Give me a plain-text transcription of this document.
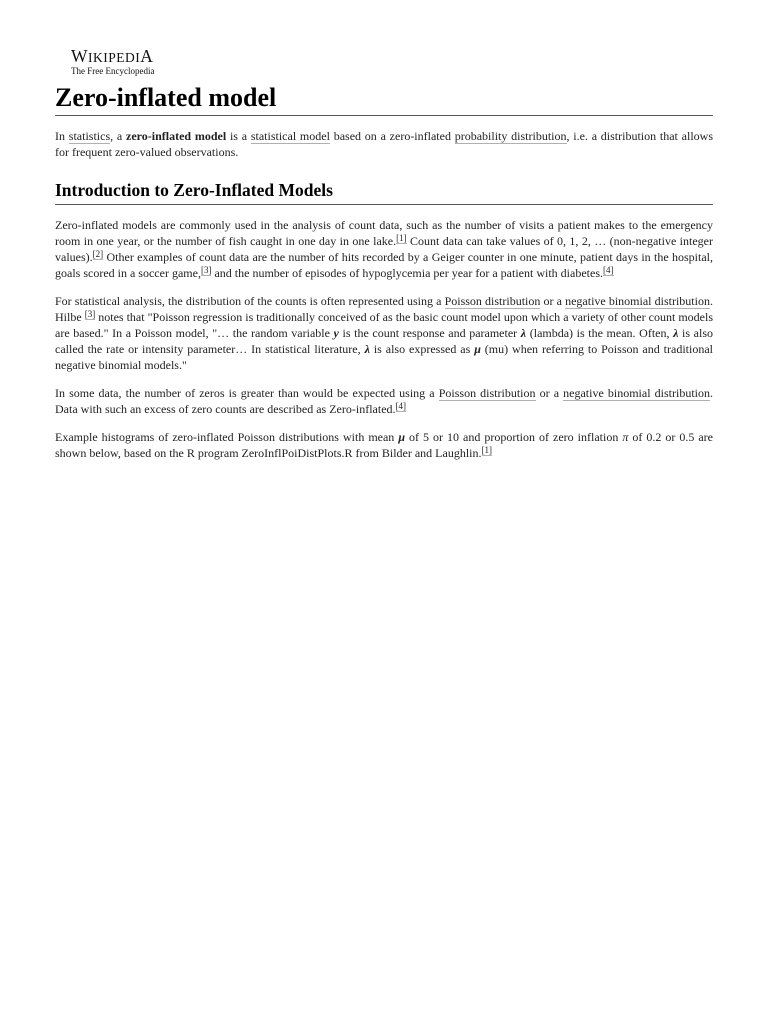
WIKIPEDIA
The Free Encyclopedia
Zero-inflated model

In statistics, a zero-inflated model is a statistical model based on a zero-inflated probability distribution, i.e. a distribution that allows for frequent zero-valued observations.

Introduction to Zero-Inflated Models

Zero-inflated models are commonly used in the analysis of count data, such as the number of visits a patient makes to the emergency room in one year, or the number of fish caught in one day in one lake.[1] Count data can take values of 0, 1, 2, … (non-negative integer values).[2] Other examples of count data are the number of hits recorded by a Geiger counter in one minute, patient days in the hospital, goals scored in a soccer game,[3] and the number of episodes of hypoglycemia per year for a patient with diabetes.[4]

For statistical analysis, the distribution of the counts is often represented using a Poisson distribution or a negative binomial distribution. Hilbe [3] notes that "Poisson regression is traditionally conceived of as the basic count model upon which a variety of other count models are based." In a Poisson model, "… the random variable y is the count response and parameter λ (lambda) is the mean. Often, λ is also called the rate or intensity parameter… In statistical literature, λ is also expressed as μ (mu) when referring to Poisson and traditional negative binomial models."

In some data, the number of zeros is greater than would be expected using a Poisson distribution or a negative binomial distribution. Data with such an excess of zero counts are described as Zero-inflated.[4]

Example histograms of zero-inflated Poisson distributions with mean μ of 5 or 10 and proportion of zero inflation π of 0.2 or 0.5 are shown below, based on the R program ZeroInflPoiDistPlots.R from Bilder and Laughlin.[1]
